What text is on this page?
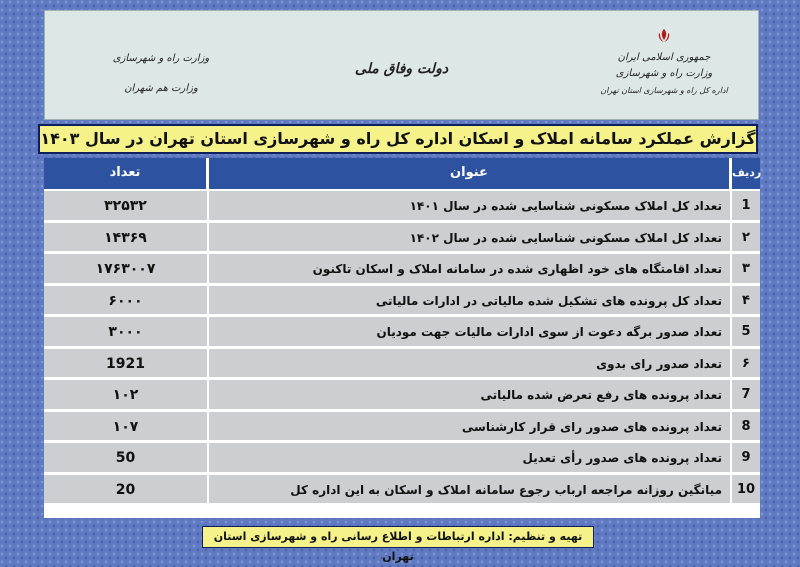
جمهوری اسلامی ایران
وزارت راه و شهرسازی
اداره کل راه و شهرسازی استان تهران
دولت وفاق ملی
وزارت راه و شهرسازی
وزارت هم شهران
گزارش عملکرد سامانه املاک و اسکان اداره کل راه و شهرسازی استان تهران در سال ۱۴۰۳
تعداد	عنوان	ردیف
۳۲۵۳۲	تعداد کل املاک مسکونی شناسایی شده در سال ۱۴۰۱	1
۱۴۳۶۹	تعداد کل املاک مسکونی شناسایی شده در سال ۱۴۰۲	۲
۱۷۶۳۰۰۷	تعداد اقامتگاه های خود اظهاری شده در سامانه املاک و اسکان تاکنون	۳
۶۰۰۰	تعداد کل پرونده های تشکیل شده مالیاتی در ادارات مالیاتی	۴
۳۰۰۰	تعداد صدور برگه دعوت از سوی ادارات مالیات جهت مودیان	5
1921	تعداد صدور رای بدوی	۶
۱۰۲	تعداد پرونده های رفع تعرض شده مالیاتی	7
۱۰۷	تعداد پرونده های صدور رای قرار کارشناسی	8
50	تعداد پرونده های صدور رأی تعدیل	9
20	میانگین روزانه مراجعه ارباب رجوع سامانه املاک و اسکان به این اداره کل	10
تهیه و تنظیم: اداره ارتباطات و اطلاع رسانی راه و شهرسازی استان تهران
